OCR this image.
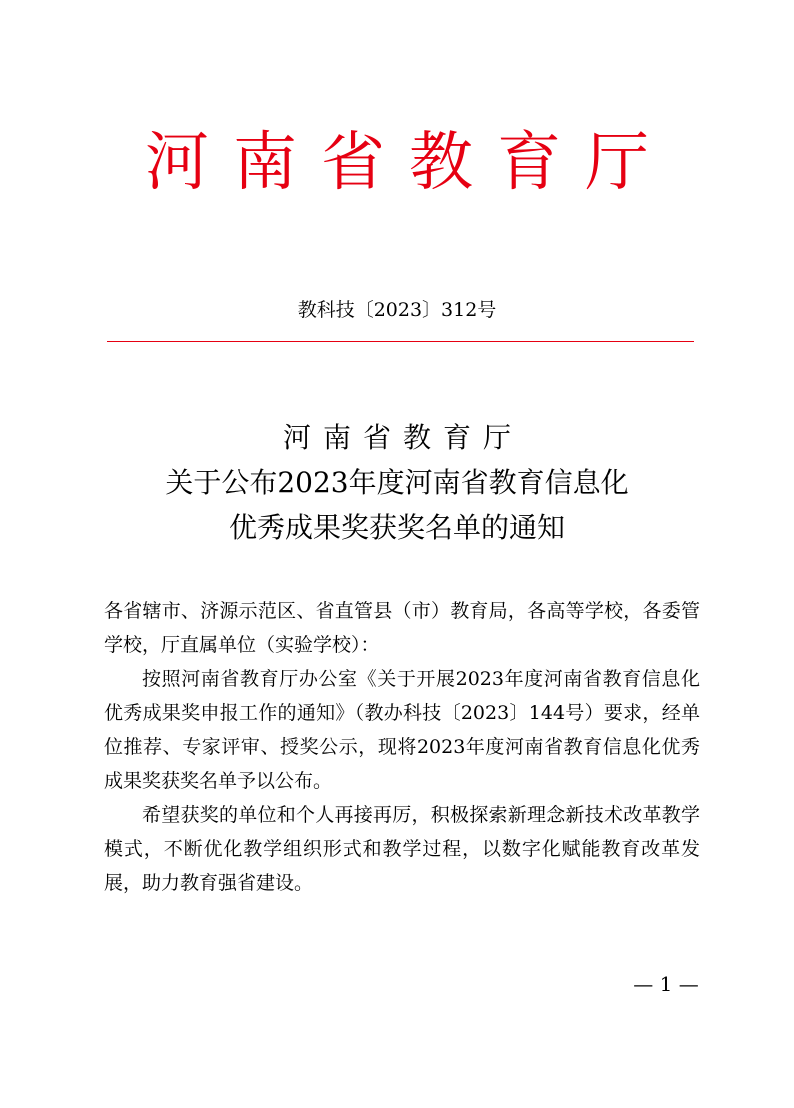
河南省教育厅
教科技〔2023〕312号
河南省教育厅
关于公布2023年度河南省教育信息化
优秀成果奖获奖名单的通知

各省辖市、济源示范区、省直管县（市）教育局，各高等学校，各委管学校，厅直属单位（实验学校）：

按照河南省教育厅办公室《关于开展2023年度河南省教育信息化优秀成果奖申报工作的通知》（教办科技〔2023〕144号）要求，经单位推荐、专家评审、授奖公示，现将2023年度河南省教育信息化优秀成果奖获奖名单予以公布。

希望获奖的单位和个人再接再厉，积极探索新理念新技术改革教学模式，不断优化教学组织形式和教学过程，以数字化赋能教育改革发展，助力教育强省建设。

— 1 —
